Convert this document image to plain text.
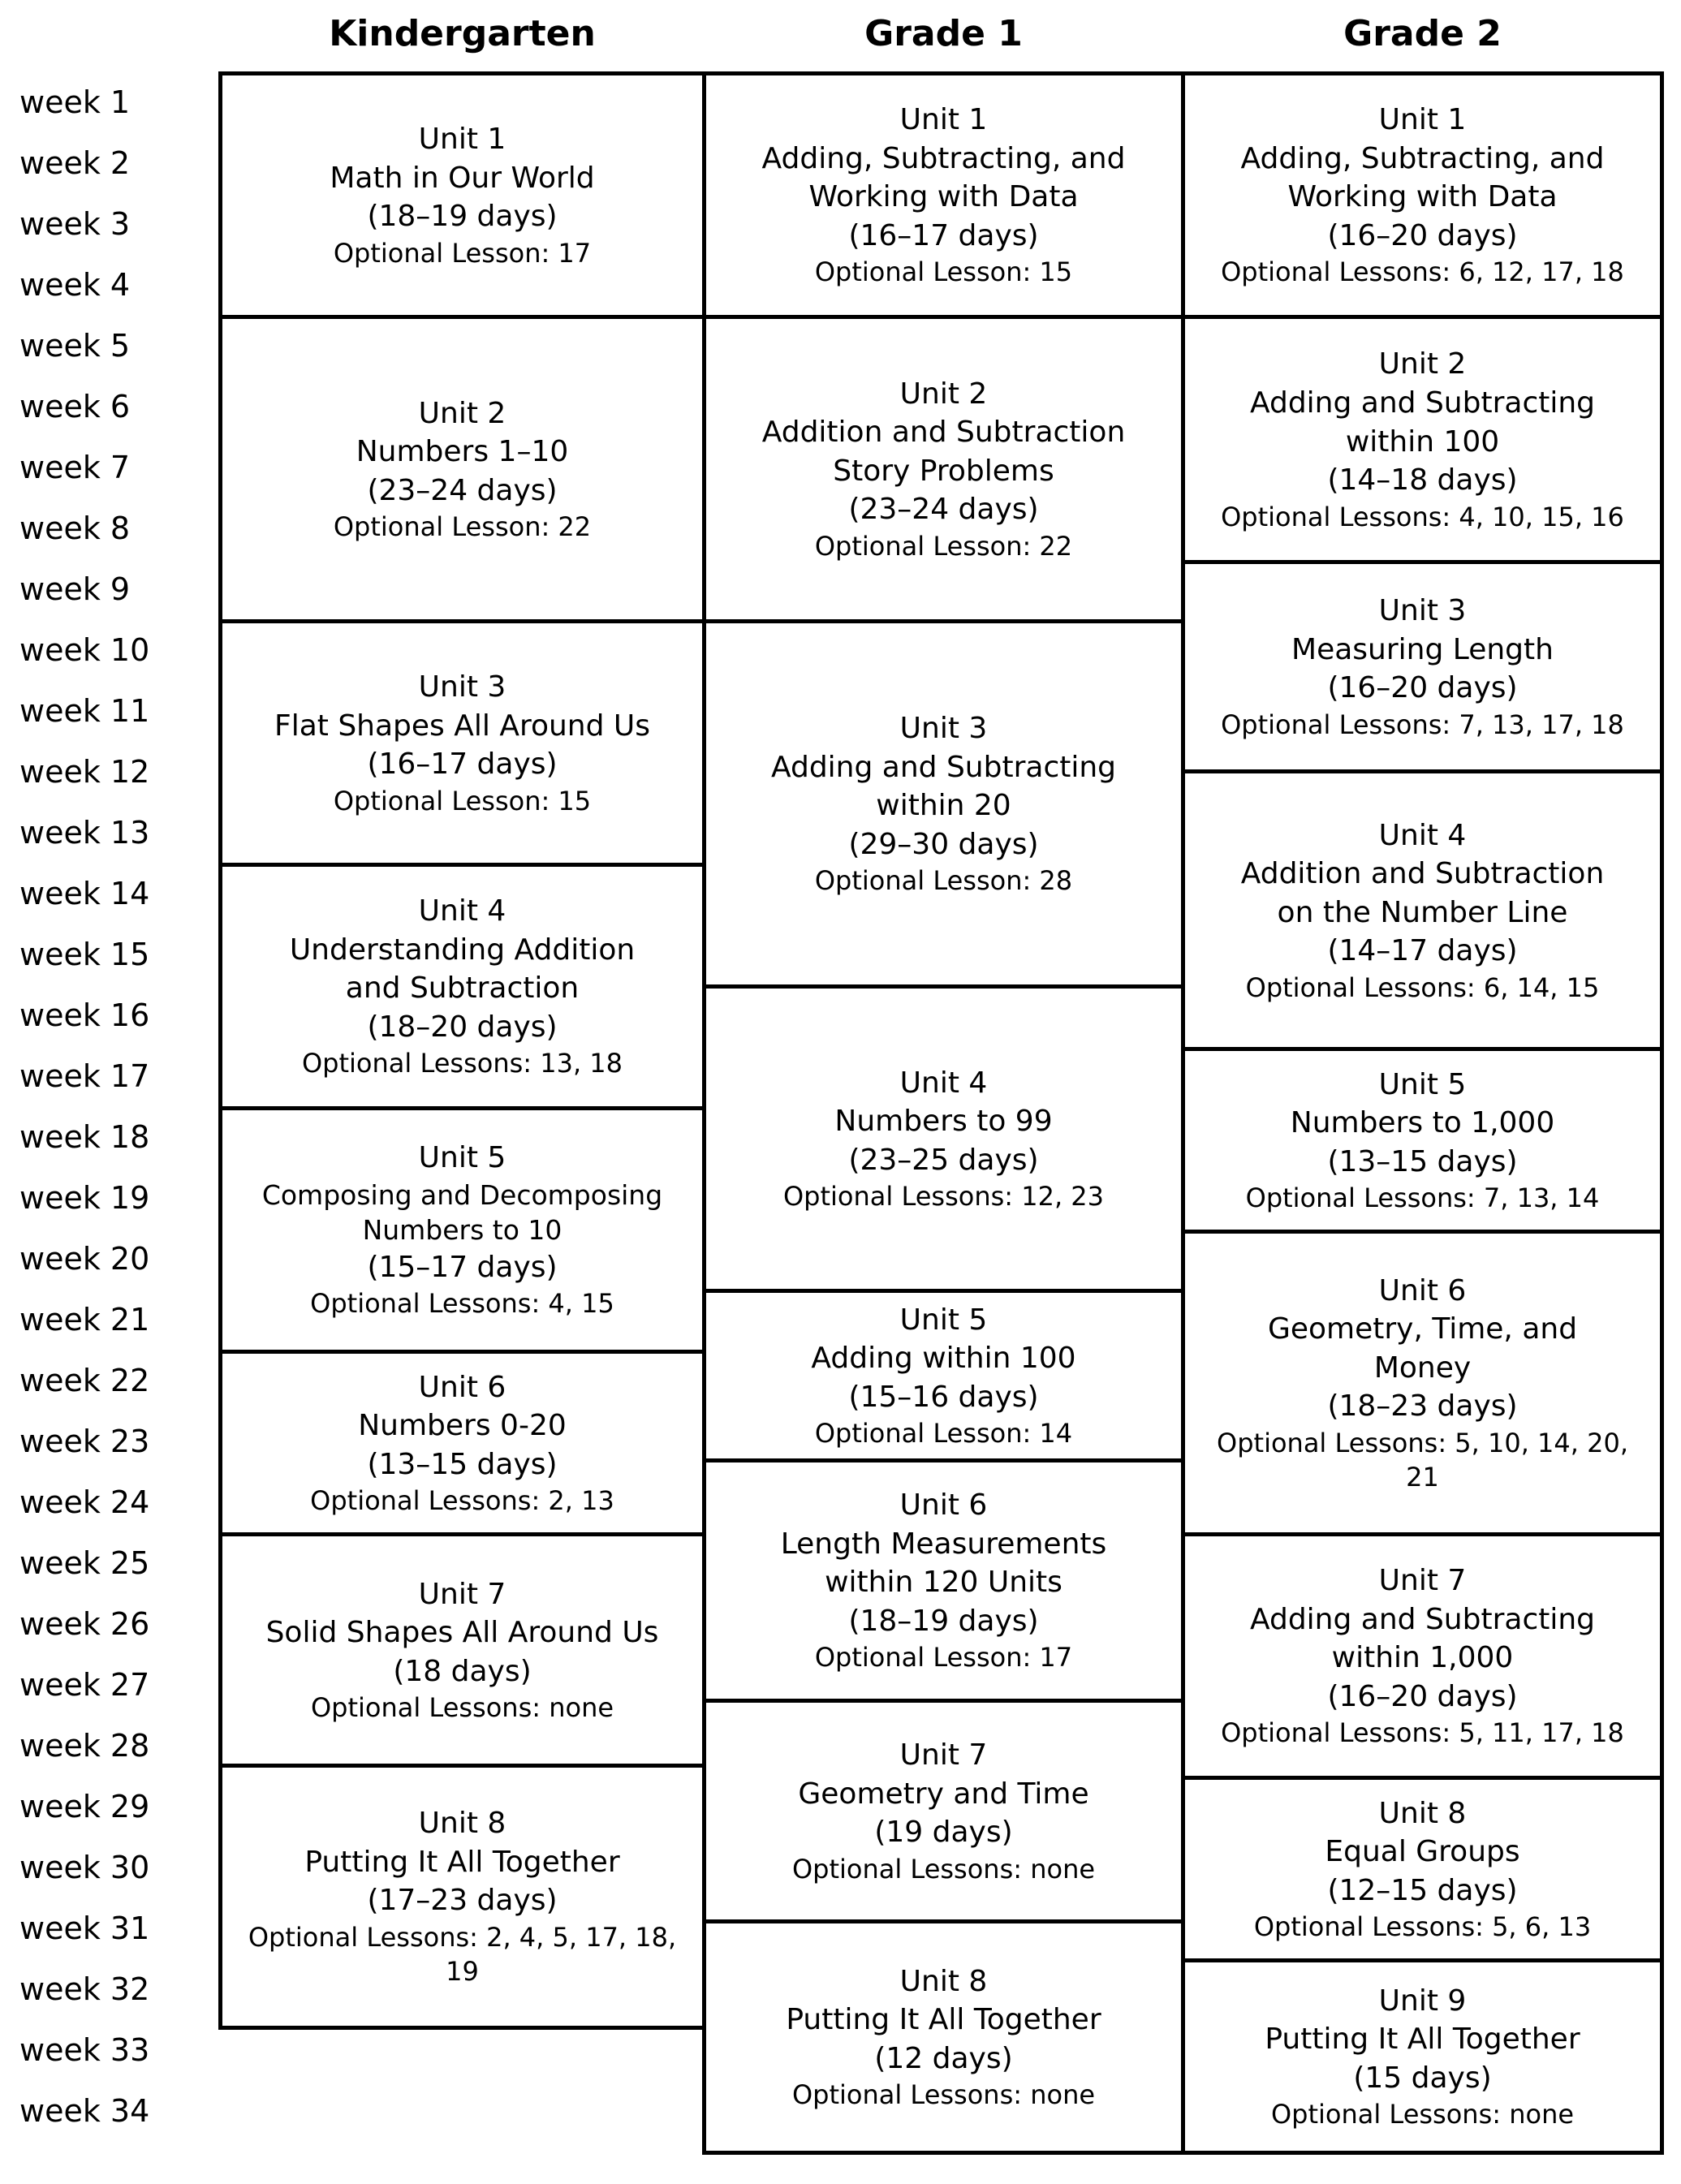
week 1
week 2
week 3
week 4
week 5
week 6
week 7
week 8
week 9
week 10
week 11
week 12
week 13
week 14
week 15
week 16
week 17
week 18
week 19
week 20
week 21
week 22
week 23
week 24
week 25
week 26
week 27
week 28
week 29
week 30
week 31
week 32
week 33
week 34
Kindergarten
Unit 1
Math in Our World
(18–19 days)
Optional Lesson: 17
Unit 2
Numbers 1–10
(23–24 days)
Optional Lesson: 22
Unit 3
Flat Shapes All Around Us
(16–17 days)
Optional Lesson: 15
Unit 4
Understanding Addition
and Subtraction
(18–20 days)
Optional Lessons: 13, 18
Unit 5
Composing and Decomposing
Numbers to 10
(15–17 days)
Optional Lessons: 4, 15
Unit 6
Numbers 0-20
(13–15 days)
Optional Lessons: 2, 13
Unit 7
Solid Shapes All Around Us
(18 days)
Optional Lessons: none
Unit 8
Putting It All Together
(17–23 days)
Optional Lessons: 2, 4, 5, 17, 18, 19
Grade 1
Unit 1
Adding, Subtracting, and
Working with Data
(16–17 days)
Optional Lesson: 15
Unit 2
Addition and Subtraction
Story Problems
(23–24 days)
Optional Lesson: 22
Unit 3
Adding and Subtracting
within 20
(29–30 days)
Optional Lesson: 28
Unit 4
Numbers to 99
(23–25 days)
Optional Lessons: 12, 23
Unit 5
Adding within 100
(15–16 days)
Optional Lesson: 14
Unit 6
Length Measurements
within 120 Units
(18–19 days)
Optional Lesson: 17
Unit 7
Geometry and Time
(19 days)
Optional Lessons: none
Unit 8
Putting It All Together
(12 days)
Optional Lessons: none
Grade 2
Unit 1
Adding, Subtracting, and
Working with Data
(16–20 days)
Optional Lessons: 6, 12, 17, 18
Unit 2
Adding and Subtracting
within 100
(14–18 days)
Optional Lessons: 4, 10, 15, 16
Unit 3
Measuring Length
(16–20 days)
Optional Lessons: 7, 13, 17, 18
Unit 4
Addition and Subtraction
on the Number Line
(14–17 days)
Optional Lessons: 6, 14, 15
Unit 5
Numbers to 1,000
(13–15 days)
Optional Lessons: 7, 13, 14
Unit 6
Geometry, Time, and
Money
(18–23 days)
Optional Lessons: 5, 10, 14, 20, 21
Unit 7
Adding and Subtracting
within 1,000
(16–20 days)
Optional Lessons: 5, 11, 17, 18
Unit 8
Equal Groups
(12–15 days)
Optional Lessons: 5, 6, 13
Unit 9
Putting It All Together
(15 days)
Optional Lessons: none
